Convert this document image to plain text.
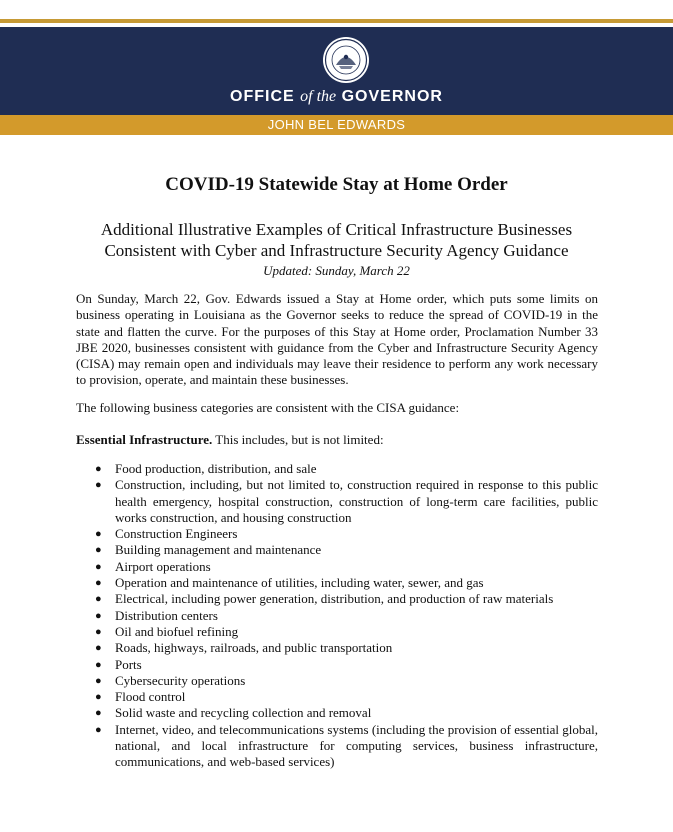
OFFICE of the GOVERNOR
JOHN BEL EDWARDS
COVID-19 Statewide Stay at Home Order
Additional Illustrative Examples of Critical Infrastructure Businesses
Consistent with Cyber and Infrastructure Security Agency Guidance
Updated: Sunday, March 22

On Sunday, March 22, Gov. Edwards issued a Stay at Home order, which puts some limits on business operating in Louisiana as the Governor seeks to reduce the spread of COVID-19 in the state and flatten the curve. For the purposes of this Stay at Home order, Proclamation Number 33 JBE 2020, businesses consistent with guidance from the Cyber and Infrastructure Security Agency (CISA) may remain open and individuals may leave their residence to perform any work necessary to provision, operate, and maintain these businesses.

The following business categories are consistent with the CISA guidance:

Essential Infrastructure. This includes, but is not limited:

● Food production, distribution, and sale
● Construction, including, but not limited to, construction required in response to this public health emergency, hospital construction, construction of long-term care facilities, public works construction, and housing construction
● Construction Engineers
● Building management and maintenance
● Airport operations
● Operation and maintenance of utilities, including water, sewer, and gas
● Electrical, including power generation, distribution, and production of raw materials
● Distribution centers
● Oil and biofuel refining
● Roads, highways, railroads, and public transportation
● Ports
● Cybersecurity operations
● Flood control
● Solid waste and recycling collection and removal
● Internet, video, and telecommunications systems (including the provision of essential global, national, and local infrastructure for computing services, business infrastructure, communications, and web-based services)
